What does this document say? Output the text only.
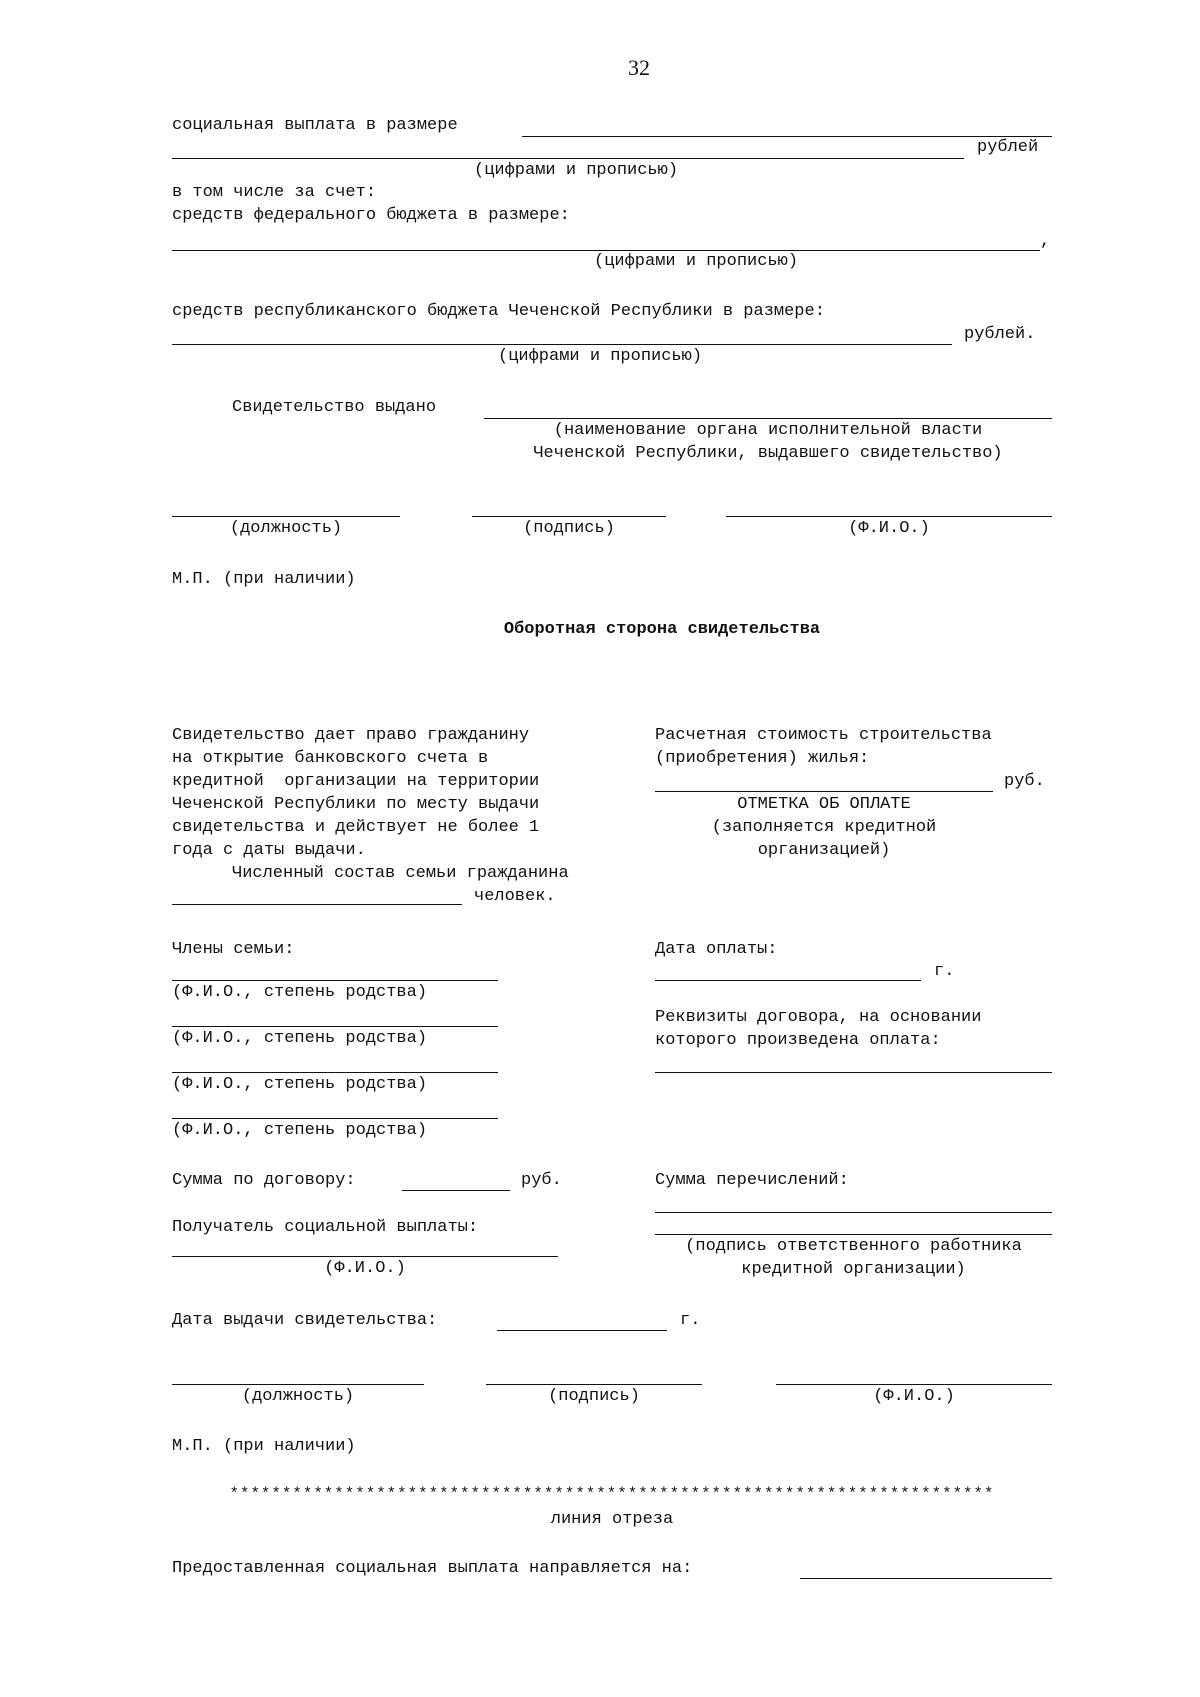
32
социальная выплата в размере
рублей
(цифрами и прописью)
в том числе за счет:
средств федерального бюджета в размере:
,
(цифрами и прописью)
средств республиканского бюджета Чеченской Республики в размере:
рублей.
(цифрами и прописью)
Свидетельство выдано
(наименование органа исполнительной власти
Чеченской Республики, выдавшего свидетельство)
(должность)	(подпись)	(Ф.И.О.)
М.П. (при наличии)
Оборотная сторона свидетельства
Свидетельство дает право гражданину
на открытие банковского счета в
кредитной  организации на территории
Чеченской Республики по месту выдачи
свидетельства и действует не более 1
года с даты выдачи.
Численный состав семьи гражданина
человек.
Расчетная стоимость строительства
(приобретения) жилья:
руб.
ОТМЕТКА ОБ ОПЛАТЕ
(заполняется кредитной
организацией)
Члены семьи:
(Ф.И.О., степень родства)
(Ф.И.О., степень родства)
(Ф.И.О., степень родства)
(Ф.И.О., степень родства)
Дата оплаты:
г.
Реквизиты договора, на основании
которого произведена оплата:
Сумма по договору:	руб.	Сумма перечислений:
(подпись ответственного работника
кредитной организации)
Получатель социальной выплаты:
(Ф.И.О.)
Дата выдачи свидетельства:	г.
(должность)	(подпись)	(Ф.И.О.)
М.П. (при наличии)
*************************************************************************
линия отреза
Предоставленная социальная выплата направляется на:
